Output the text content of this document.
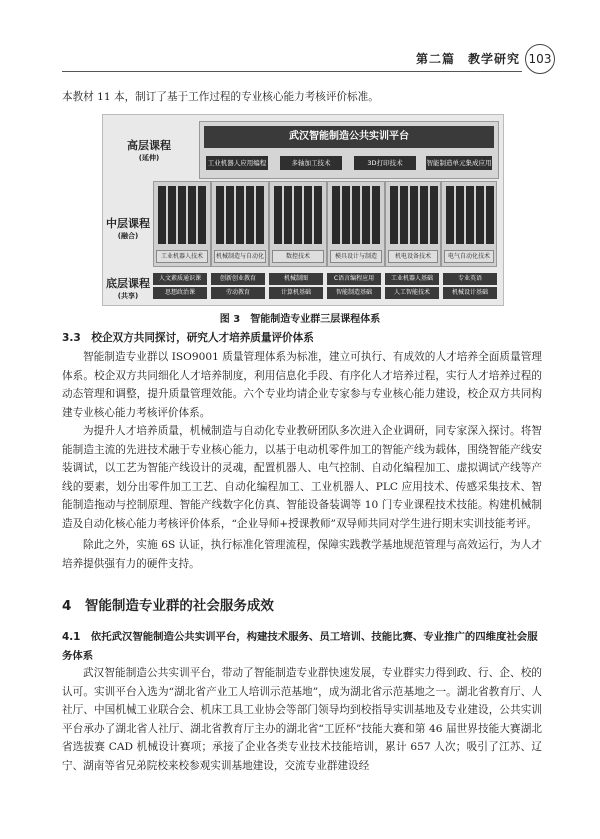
第二篇　教学研究 103
本教材 11 本，制订了基于工作过程的专业核心能力考核评价标准。
高层课程
(延伸)
武汉智能制造公共实训平台
工业机器人应用编程	多轴加工技术	3D打印技术	智能制造单元集成应用
中层课程
(融合)
工业机器人技术	机械制造与自动化	数控技术	模具设计与制造	机电设备技术	电气自动化技术
底层课程
(共享)
人文素质通识课	创新创业教育	机械制图	C语言编程应用	工业机器人基础	专业英语
思想政治课	劳动教育	计算机基础	智能制造基础	人工智能技术	机械设计基础
图 3　智能制造专业群三层课程体系
3.3　校企双方共同探讨，研究人才培养质量评价体系
智能制造专业群以 ISO9001 质量管理体系为标准，建立可执行、有成效的人才培养全面质量管理体系。校企双方共同细化人才培养制度，利用信息化手段、有序化人才培养过程，实行人才培养过程的动态管理和调整，提升质量管理效能。六个专业均请企业专家参与专业核心能力建设，校企双方共同构建专业核心能力考核评价体系。
为提升人才培养质量，机械制造与自动化专业教研团队多次进入企业调研，同专家深入探讨。将智能制造主流的先进技术融于专业核心能力，以基于电动机零件加工的智能产线为载体，围绕智能产线安装调试，以工艺为智能产线设计的灵魂，配置机器人、电气控制、自动化编程加工、虚拟调试产线等产线的要素，划分出零件加工工艺、自动化编程加工、工业机器人、PLC 应用技术、传感采集技术、智能制造拖动与控制原理、智能产线数字化仿真、智能设备装调等 10 门专业课程技术技能。构建机械制造及自动化核心能力考核评价体系，“企业导师+授课教师”双导师共同对学生进行期末实训技能考评。
除此之外，实施 6S 认证，执行标准化管理流程，保障实践教学基地规范管理与高效运行，为人才培养提供强有力的硬件支持。
4　智能制造专业群的社会服务成效
4.1　依托武汉智能制造公共实训平台，构建技术服务、员工培训、技能比赛、专业推广的四维度社会服务体系
武汉智能制造公共实训平台，带动了智能制造专业群快速发展，专业群实力得到政、行、企、校的认可。实训平台入选为“湖北省产业工人培训示范基地”，成为湖北省示范基地之一。湖北省教育厅、人社厅、中国机械工业联合会、机床工具工业协会等部门领导均到校指导实训基地及专业建设，公共实训平台承办了湖北省人社厅、湖北省教育厅主办的湖北省“工匠杯”技能大赛和第 46 届世界技能大赛湖北省选拔赛 CAD 机械设计赛项；承接了企业各类专业技术技能培训，累计 657 人次；吸引了江苏、辽宁、湖南等省兄弟院校来校参观实训基地建设，交流专业群建设经
